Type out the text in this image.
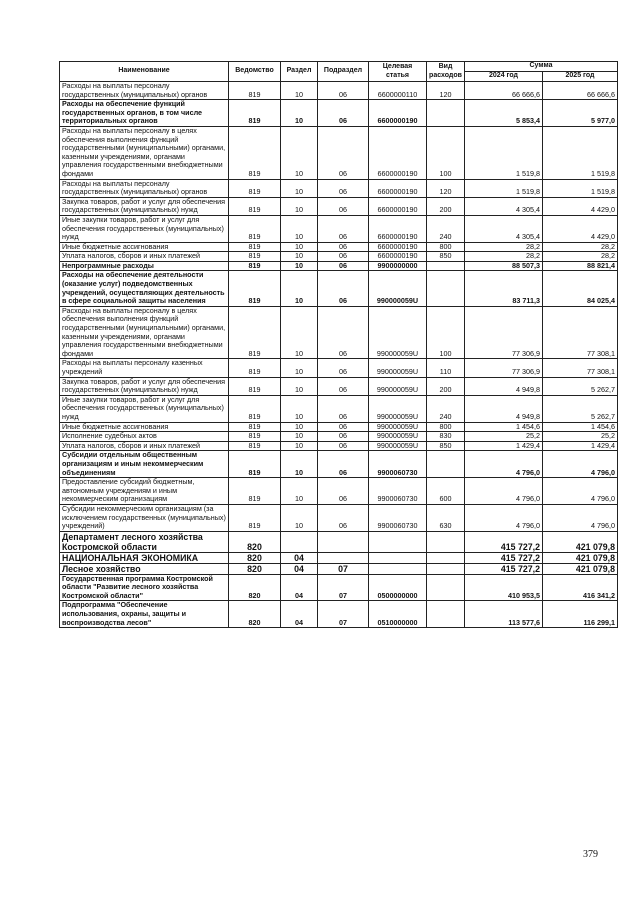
Наименование	Ведомство	Раздел	Подраздел	Целевая статья	Вид расходов	Сумма	
						2024 год	2025 год
Расходы на выплаты персоналу государственных (муниципальных) органов	819	10	06	6600000110	120	66 666,6	66 666,6
Расходы на обеспечение функций государственных органов, в том числе территориальных органов	819	10	06	6600000190		5 853,4	5 977,0
Расходы на выплаты персоналу в целях обеспечения выполнения функций государственными (муниципальными) органами, казенными учреждениями, органами управления государственными внебюджетными фондами	819	10	06	6600000190	100	1 519,8	1 519,8
Расходы на выплаты персоналу государственных (муниципальных) органов	819	10	06	6600000190	120	1 519,8	1 519,8
Закупка товаров, работ и услуг для обеспечения государственных (муниципальных) нужд	819	10	06	6600000190	200	4 305,4	4 429,0
Иные закупки товаров, работ и услуг для обеспечения государственных (муниципальных) нужд	819	10	06	6600000190	240	4 305,4	4 429,0
Иные бюджетные ассигнования	819	10	06	6600000190	800	28,2	28,2
Уплата налогов, сборов и иных платежей	819	10	06	6600000190	850	28,2	28,2
Непрограммные расходы	819	10	06	9900000000		88 507,3	88 821,4
Расходы на обеспечение деятельности (оказание услуг) подведомственных учреждений, осуществляющих деятельность в сфере социальной защиты населения	819	10	06	990000059U		83 711,3	84 025,4
Расходы на выплаты персоналу в целях обеспечения выполнения функций государственными (муниципальными) органами, казенными учреждениями, органами управления государственными внебюджетными фондами	819	10	06	990000059U	100	77 306,9	77 308,1
Расходы на выплаты персоналу казенных учреждений	819	10	06	990000059U	110	77 306,9	77 308,1
Закупка товаров, работ и услуг для обеспечения государственных (муниципальных) нужд	819	10	06	990000059U	200	4 949,8	5 262,7
Иные закупки товаров, работ и услуг для обеспечения государственных (муниципальных) нужд	819	10	06	990000059U	240	4 949,8	5 262,7
Иные бюджетные ассигнования	819	10	06	990000059U	800	1 454,6	1 454,6
Исполнение судебных актов	819	10	06	990000059U	830	25,2	25,2
Уплата налогов, сборов и иных платежей	819	10	06	990000059U	850	1 429,4	1 429,4
Субсидии отдельным общественным организациям и иным некоммерческим объединениям	819	10	06	9900060730		4 796,0	4 796,0
Предоставление субсидий бюджетным, автономным учреждениям и иным некоммерческим организациям	819	10	06	9900060730	600	4 796,0	4 796,0
Субсидии некоммерческим организациям (за исключением государственных (муниципальных) учреждений)	819	10	06	9900060730	630	4 796,0	4 796,0
Департамент лесного хозяйства Костромской области	820					415 727,2	421 079,8
НАЦИОНАЛЬНАЯ ЭКОНОМИКА	820	04				415 727,2	421 079,8
Лесное хозяйство	820	04	07			415 727,2	421 079,8
Государственная программа Костромской области "Развитие лесного хозяйства Костромской области"	820	04	07	0500000000		410 953,5	416 341,2
Подпрограмма "Обеспечение использования, охраны, защиты и воспроизводства лесов"	820	04	07	0510000000		113 577,6	116 299,1
379
